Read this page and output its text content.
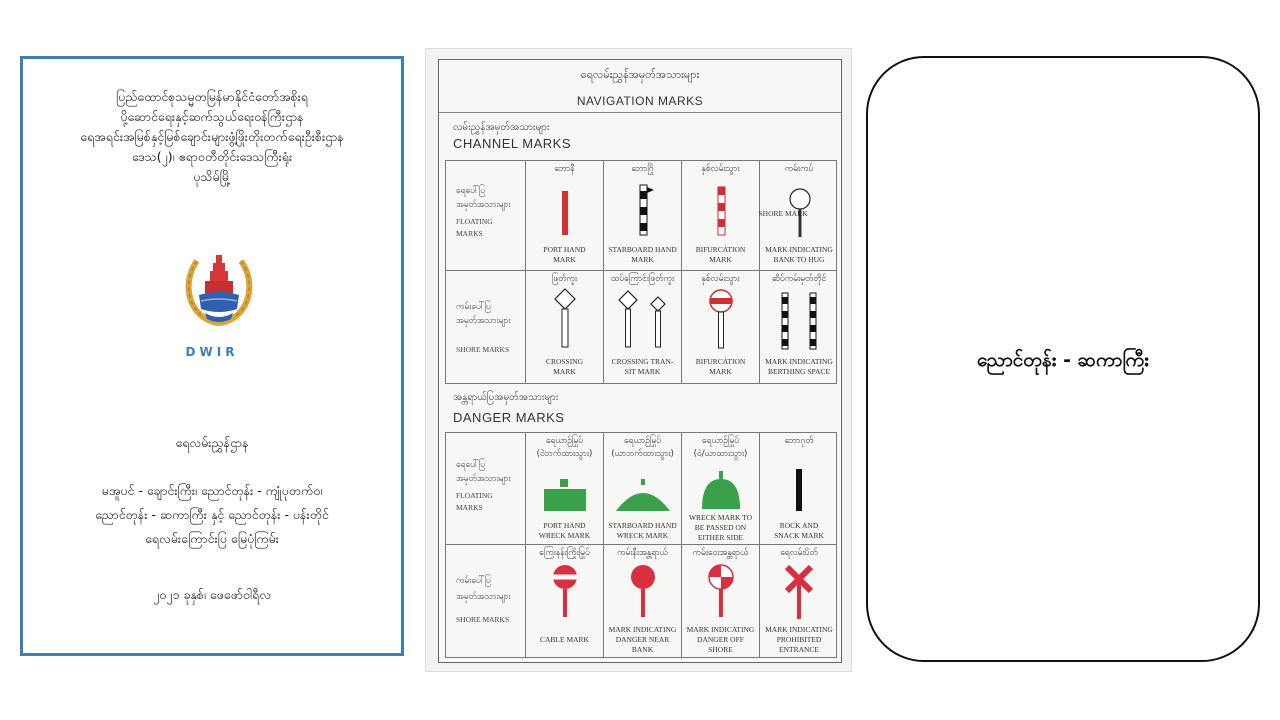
ပြည်ထောင်စုသမ္မတမြန်မာနိုင်ငံတော်အစိုးရ
ပို့ဆောင်ရေးနှင့်ဆက်သွယ်ရေးဝန်ကြီးဌာန
ရေအရင်းအမြစ်နှင့်မြစ်ချောင်းများဖွံ့ဖြိုးတိုးတက်ရေးဦးစီးဌာန
ဒေသ(၂)၊ ဧရာဝတီတိုင်းဒေသကြီးရုံး
ပုသိမ်မြို့
DWIR
ရေလမ်းညွှန်ဌာန
မအူပင် - ချောင်းကြီး၊ ညောင်တုန်း - ကျုံပုတက်ဝ၊
ညောင်တုန်း - ဆကာကြီး နှင့် ညောင်တုန်း - ပန်းတိုင်
ရေလမ်းကြောင်းပြ မြေပုံကြမ်း
၂၀၂၁ ခုနှစ်၊ ဖေဖော်ဝါရီလ
ရေလမ်းညွှန်အမှတ်အသားများ
NAVIGATION MARKS
လမ်းညွှန်အမှတ်အသားများ
CHANNEL MARKS
ရေပေါ်ပြ
အမှတ်အသားများ
FLOATING
MARKS
ဘောနီ
PORT HAND
MARK
ဘောဂြို
STARBOARD HAND
MARK
နှစ်လမ်းသွား
BIFURCATION
MARK
ကမ်းကပ်
SHORE MARK
MARK INDICATING
BANK TO HUG
ကမ်းပေါ်ပြ
အမှတ်အသားများ
SHORE MARKS
ဖြတ်ကူး
CROSSING
MARK
ထပ်ကြောင်းဖြတ်ကူး
CROSSING TRAN-
SIT MARK
နှစ်လမ်းသွား
BIFURCATION
MARK
ဆိပ်ကမ်းမှတ်တိုင်
MARK INDICATING
BERTHING SPACE
အန္တရာယ်ပြအမှတ်အသားများ
DANGER MARKS
ရေပေါ်ပြ
အမှတ်အသားများ
FLOATING
MARKS
ရေယာဉ်မြုပ်
(ဝဲဘက်ထားသွား)
PORT HAND
WRECK MARK
ရေယာဉ်မြုပ်
(ယာဘက်ထားသွား)
STARBOARD HAND
WRECK MARK
ရေယာဉ်မြုပ်
(ဝဲ/ယာထားသွား)
WRECK MARK TO
BE PASSED ON
EITHER SIDE
ဘောဂုတ်
ROCK AND
SNACK MARK
ကမ်းပေါ်ပြ
အမှတ်အသားများ
SHORE MARKS
ကြေးနန်းကြိုးမြုပ်
CABLE MARK
ကမ်းနီးအန္တရာယ်
MARK INDICATING
DANGER NEAR
BANK
ကမ်းဝေးအန္တရာယ်
MARK INDICATING
DANGER OFF
SHORE
ရေလမ်းပိတ်
MARK INDICATING
PROHIBITED
ENTRANCE
ညောင်တုန်း - ဆကာကြီး
